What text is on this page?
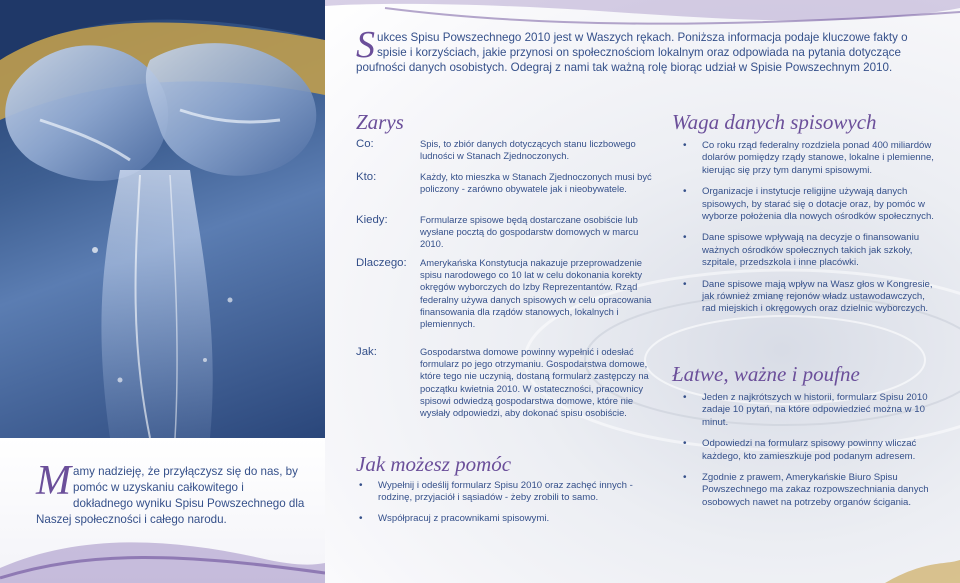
Mamy nadzieję, że przyłączysz się do nas, by pomóc w uzyskaniu całkowitego i dokładnego wyniku Spisu Powszechnego dla Naszej społeczności i całego narodu.
Sukces Spisu Powszechnego 2010 jest w Waszych rękach. Poniższa informacja podaje kluczowe fakty o spisie i korzyściach, jakie przynosi on społecznościom lokalnym oraz odpowiada na pytania dotyczące poufności danych osobistych. Odegraj z nami tak ważną rolę biorąc udział w Spisie Powszechnym 2010.
Zarys
Co:	Spis, to zbiór danych dotyczących stanu liczbowego ludności w Stanach Zjednoczonych.
Kto:	Każdy, kto mieszka w Stanach Zjednoczonych musi być policzony - zarówno obywatele jak i nieobywatele.
Kiedy:	Formularze spisowe będą dostarczane osobiście lub wysłane pocztą do gospodarstw domowych w marcu 2010.
Dlaczego: Amerykańska Konstytucja nakazuje przeprowadzenie spisu narodowego co 10 lat w celu dokonania korekty okręgów wyborczych do Izby Reprezentantów. Rząd federalny używa danych spisowych w celu opracowania finansowania dla rządów stanowych, lokalnych i plemiennych.
Jak:	Gospodarstwa domowe powinny wypełnić i odesłać formularz po jego otrzymaniu. Gospodarstwa domowe, które tego nie uczynią, dostaną formularz zastępczy na początku kwietnia 2010. W ostateczności, pracownicy spisowi odwiedzą gospodarstwa domowe, które nie wysłały odpowiedzi, aby dokonać spisu osobiście.
Jak możesz pomóc
• Wypełnij i odeślij formularz Spisu 2010 oraz zachęć innych - rodzinę, przyjaciół i sąsiadów - żeby zrobili to samo.
• Współpracuj z pracownikami spisowymi.
Waga danych spisowych
• Co roku rząd federalny rozdziela ponad 400 miliardów dolarów pomiędzy rządy stanowe, lokalne i plemienne, kierując się przy tym danymi spisowymi.
• Organizacje i instytucje religijne używają danych spisowych, by starać się o dotacje oraz, by pomóc w wyborze położenia dla nowych ośrodków społecznych.
• Dane spisowe wpływają na decyzje o finansowaniu ważnych ośrodków społecznych takich jak szkoły, szpitale, przedszkola i inne placówki.
• Dane spisowe mają wpływ na Wasz głos w Kongresie, jak również zmianę rejonów władz ustawodawczych, rad miejskich i okręgowych oraz dzielnic wyborczych.
Łatwe, ważne i poufne
• Jeden z najkrótszych w historii, formularz Spisu 2010 zadaje 10 pytań, na które odpowiedzieć można w 10 minut.
• Odpowiedzi na formularz spisowy powinny wliczać każdego, kto zamieszkuje pod podanym adresem.
• Zgodnie z prawem, Amerykańskie Biuro Spisu Powszechnego ma zakaz rozpowszechniania danych osobowych nawet na potrzeby organów ścigania.
